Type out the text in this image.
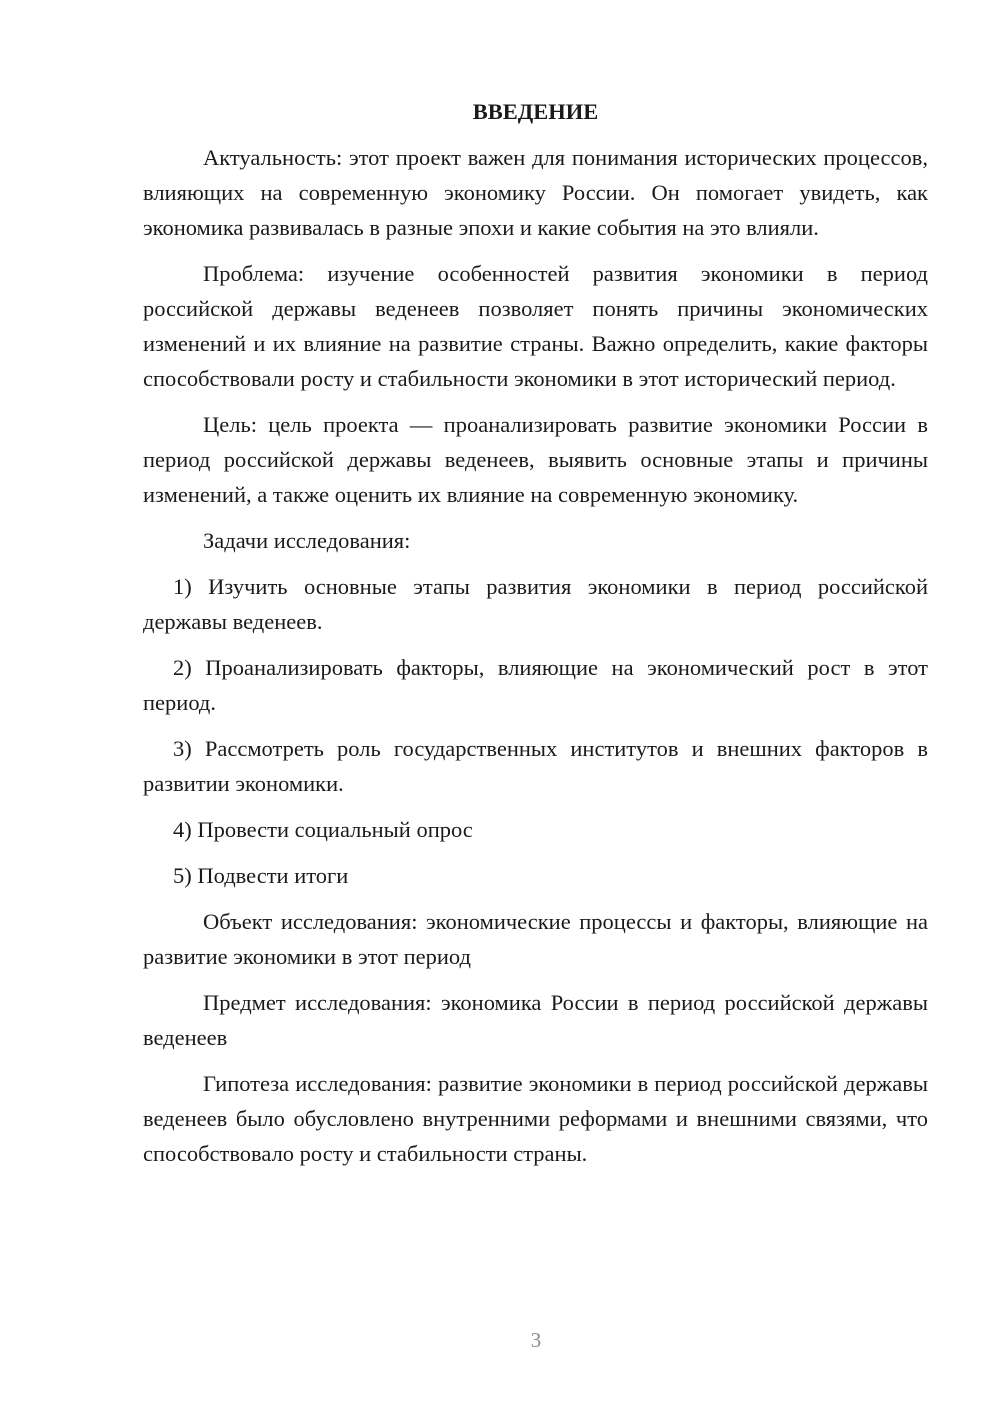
ВВЕДЕНИЕ

Актуальность: этот проект важен для понимания исторических процессов, влияющих на современную экономику России. Он помогает увидеть, как экономика развивалась в разные эпохи и какие события на это влияли.

Проблема: изучение особенностей развития экономики в период российской державы веденеев позволяет понять причины экономических изменений и их влияние на развитие страны. Важно определить, какие факторы способствовали росту и стабильности экономики в этот исторический период.

Цель: цель проекта — проанализировать развитие экономики России в период российской державы веденеев, выявить основные этапы и причины изменений, а также оценить их влияние на современную экономику.

Задачи исследования:

1) Изучить основные этапы развития экономики в период российской державы веденеев.

2) Проанализировать факторы, влияющие на экономический рост в этот период.

3) Рассмотреть роль государственных институтов и внешних факторов в развитии экономики.

4) Провести социальный опрос

5) Подвести итоги

Объект исследования: экономические процессы и факторы, влияющие на развитие экономики в этот период

Предмет исследования: экономика России в период российской державы веденеев

Гипотеза исследования: развитие экономики в период российской державы веденеев было обусловлено внутренними реформами и внешними связями, что способствовало росту и стабильности страны.

3
